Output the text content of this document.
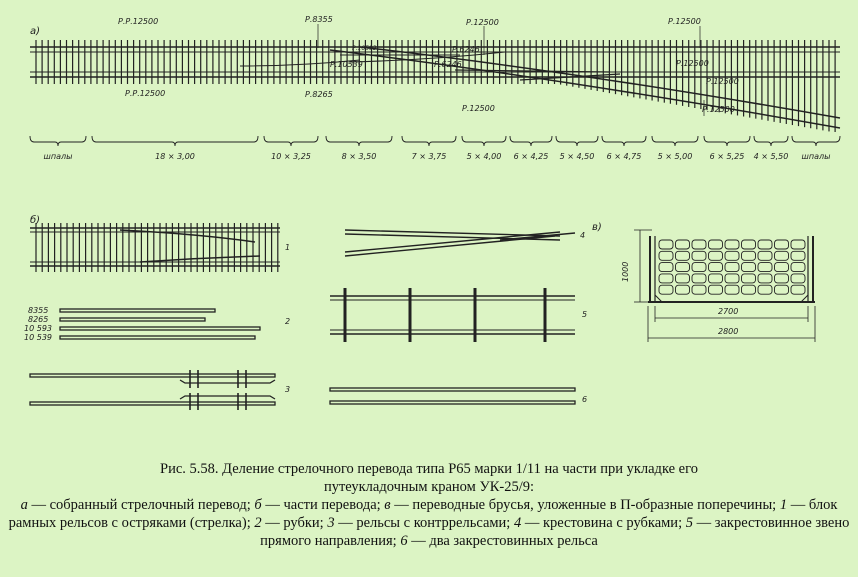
а)
б)
в)
Р.Р.12500
Р.Р.12500
Р.8355
Р.10593
Р.10539
Р.8265
Р.6246
Р.6246
Р.12500
Р.12500
Р.12500
Р.12500
Р.12500
Р.12500
шпалы	18 × 3,00	10 × 3,25	8 × 3,50	7 × 3,75	5 × 4,00 6 × 4,25 5 × 4,50 6 × 4,75 5 × 5,00 6 × 5,25 4 × 5,50 шпалы
8355
8265
10 593
10 539
1
2
3
4
5
6
1000
2700
2800
Рис. 5.58. Деление стрелочного перевода типа Р65 марки 1/11 на части при укладке его
путеукладочным краном УК-25/9:
а — собранный стрелочный перевод; б — части перевода; в — переводные брусья, уложенные в П-образные поперечины; 1 — блок рамных рельсов с остряками (стрелка); 2 — рубки; 3 — рельсы с контррельсами; 4 — крестовина с рубками; 5 — закрестовинное звено прямого направления; 6 — два закрестовинных рельса
